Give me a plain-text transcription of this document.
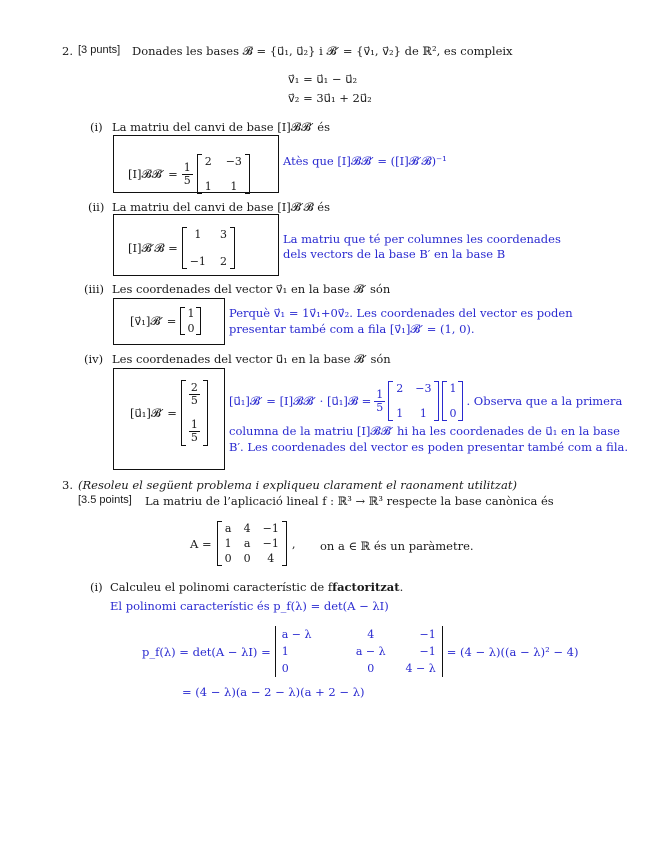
2. [3 punts] Donades les bases 𝓑 = {u⃗₁, u⃗₂} i 𝓑′ = {v⃗₁, v⃗₂} de ℝ², es compleix
v⃗₁ = u⃗₁ − u⃗₂
v⃗₂ = 3u⃗₁ + 2u⃗₂
(i) La matriu del canvi de base [I]𝓑𝓑′ és
[I]𝓑𝓑′ = $\frac{1}{5} 2 -3$
1	1
Atès que [I]𝓑𝓑′ = ([I]𝓑′𝓑)⁻¹
(ii) La matriu del canvi de base [I]𝓑′𝓑 és
[I]𝓑′𝓑 =
1	3
−1 2
La matriu que té per columnes les coordenades
dels vectors de la base B′ en la base B
(iii) Les coordenades del vector v⃗₁ en la base 𝓑′ són
[v⃗₁]𝓑′ =
1
0
Perquè v⃗₁ = 1v⃗₁+0v⃗₂. Les coordenades del vector es poden
presentar també com a fila [v⃗₁]𝓑′ = (1, 0).
(iv) Les coordenades del vector u⃗₁ en la base 𝓑′ són
[u⃗₁]𝓑′ =
$\frac{2}{5}$
$\frac{1}{5}$
[u⃗₁]𝓑′ = [I]𝓑𝓑′ · [u⃗₁]𝓑 = $\frac{1}{5} 2 -3$
1	1
1
0
. Observa que a la primera
columna de la matriu [I]𝓑𝓑′ hi ha les coordenades de u⃗₁ en la base
B′. Les coordenades del vector es poden presentar també com a fila.
3. (Resoleu el següent problema i expliqueu clarament el raonament utilitzat)
[3.5 points] La matriu de l’aplicació lineal f : ℝ³ → ℝ³ respecte la base canònica és
A =
a 4 −1
1 a −1
0 0	4
, on a ∈ ℝ és un paràmetre.
(i) Calculeu el polinomi característic de ffactoritzat.
El polinomi característic és p_f(λ) = det(A − λI)
p_f(λ) = det(A − λI) =
a − λ	4	−1
1	a − λ	−1
0	0	4 − λ
= (4 − λ)((a − λ)² − 4)
= (4 − λ)(a − 2 − λ)(a + 2 − λ)
